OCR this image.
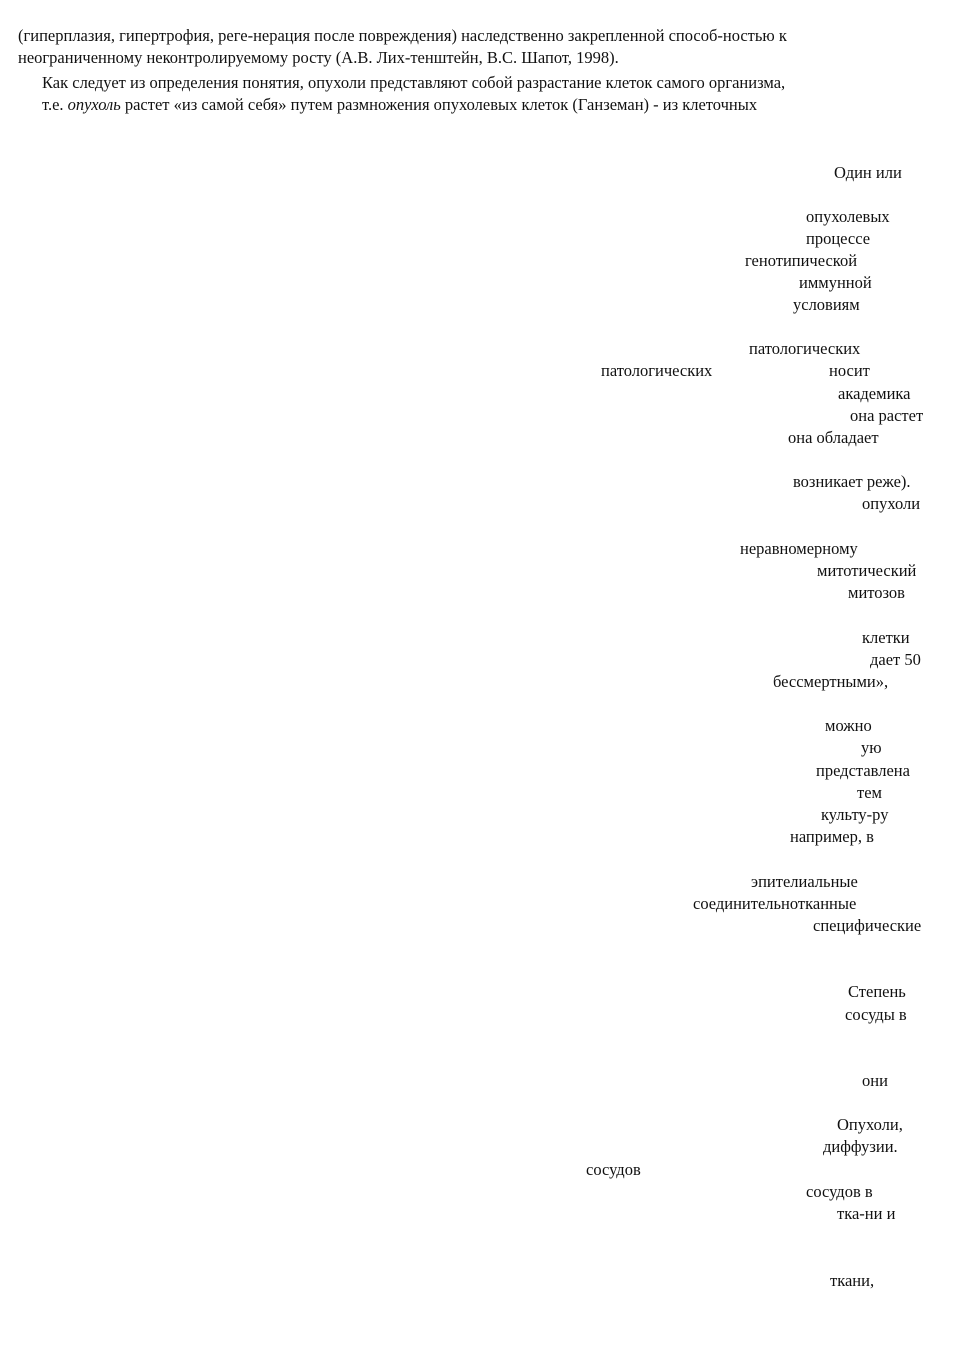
(гиперплазия, гипертрофия, реге-нерация после повреждения) наследственно закрепленной способ-ностью к
неограниченному неконтролируемому росту (А.В. Лих-тенштейн, В.С. Шапот, 1998).
Как следует из определения понятия, опухоли представляют собой разрастание клеток самого организма,
т.е. опухоль растет «из самой себя» путем размножения опухолевых клеток (Ганземан) - из клеточных
Один или
опухолевых
процессе
генотипической
иммунной
условиям
патологических
патологических	носит
академика
она растет
она обладает
возникает реже).
опухоли
неравномерному
митотический
митозов
клетки
дает 50
бессмертными»,
можно
ую
представлена
тем
культу-ру
например, в
эпителиальные
соединительнотканные
специфические
Степень
сосуды в
они
Опухоли,
диффузии.
сосудов
сосудов в
тка-ни и
ткани,
